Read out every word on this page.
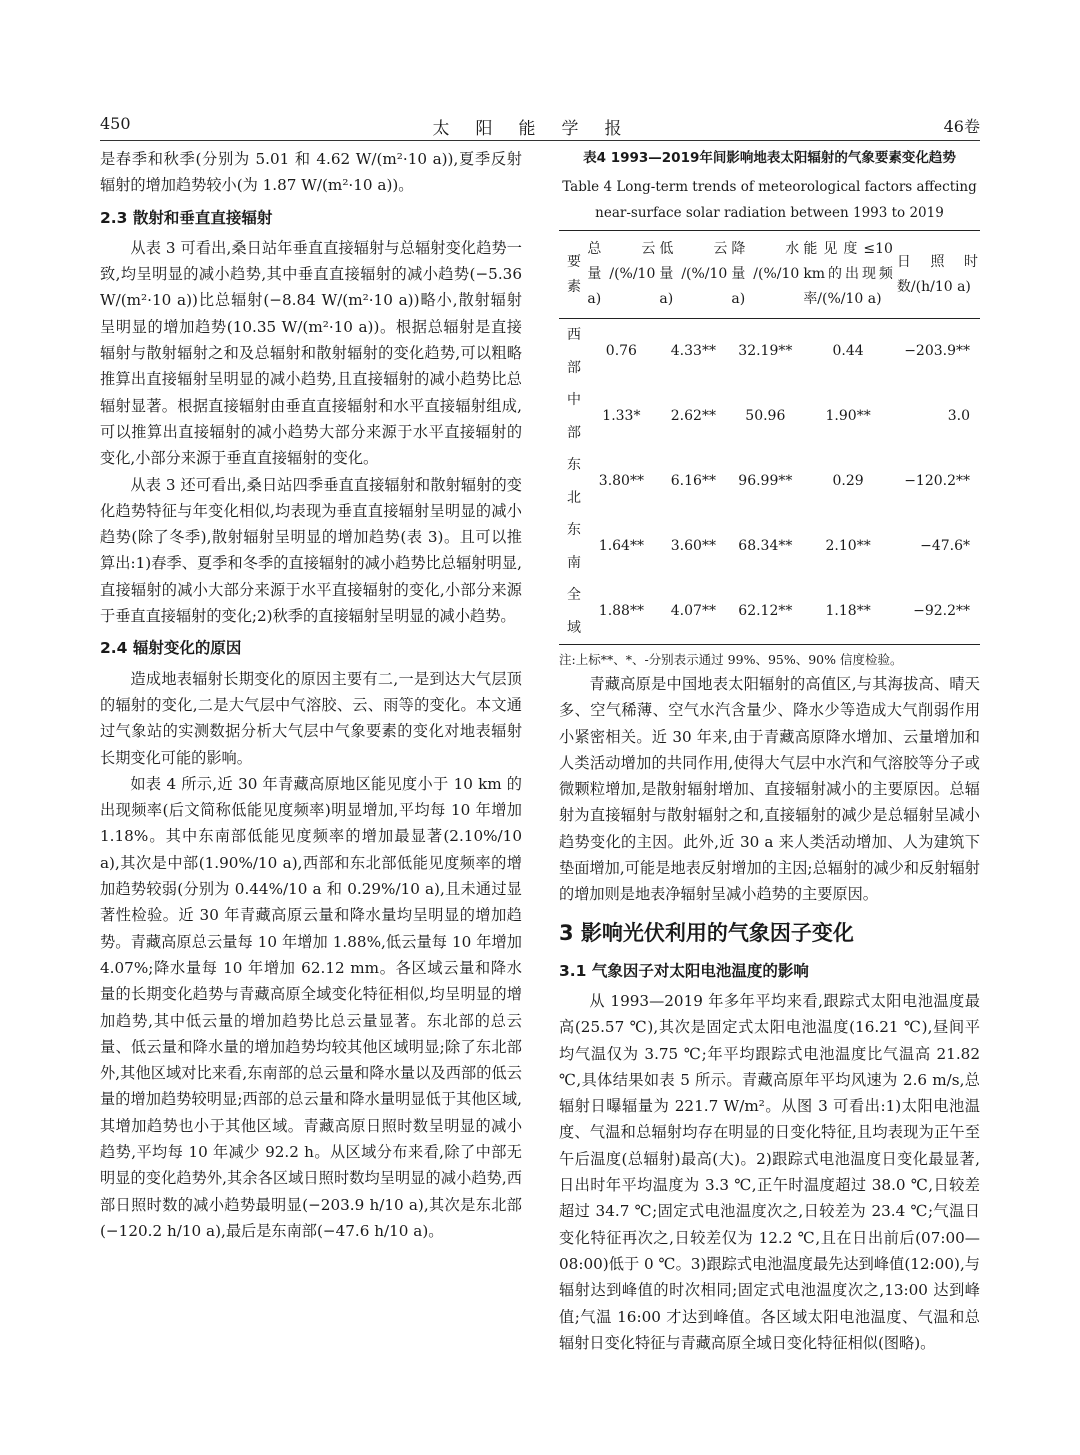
450	太阳能学报	46卷

是春季和秋季(分别为 5.01 和 4.62 W/(m²·10 a)),夏季反射辐射的增加趋势较小(为 1.87 W/(m²·10 a))。

2.3 散射和垂直直接辐射

从表 3 可看出,桑日站年垂直直接辐射与总辐射变化趋势一致,均呈明显的减小趋势,其中垂直直接辐射的减小趋势(−5.36 W/(m²·10 a))比总辐射(−8.84 W/(m²·10 a))略小,散射辐射呈明显的增加趋势(10.35 W/(m²·10 a))。根据总辐射是直接辐射与散射辐射之和及总辐射和散射辐射的变化趋势,可以粗略推算出直接辐射呈明显的减小趋势,且直接辐射的减小趋势比总辐射显著。根据直接辐射由垂直直接辐射和水平直接辐射组成,可以推算出直接辐射的减小趋势大部分来源于水平直接辐射的变化,小部分来源于垂直直接辐射的变化。

从表 3 还可看出,桑日站四季垂直直接辐射和散射辐射的变化趋势特征与年变化相似,均表现为垂直直接辐射呈明显的减小趋势(除了冬季),散射辐射呈明显的增加趋势(表 3)。且可以推算出:1)春季、夏季和冬季的直接辐射的减小趋势比总辐射明显,直接辐射的减小大部分来源于水平直接辐射的变化,小部分来源于垂直直接辐射的变化;2)秋季的直接辐射呈明显的减小趋势。

2.4 辐射变化的原因

造成地表辐射长期变化的原因主要有二,一是到达大气层顶的辐射的变化,二是大气层中气溶胶、云、雨等的变化。本文通过气象站的实测数据分析大气层中气象要素的变化对地表辐射长期变化可能的影响。

如表 4 所示,近 30 年青藏高原地区能见度小于 10 km 的出现频率(后文简称低能见度频率)明显增加,平均每 10 年增加 1.18%。其中东南部低能见度频率的增加最显著(2.10%/10 a),其次是中部(1.90%/10 a),西部和东北部低能见度频率的增加趋势较弱(分别为 0.44%/10 a 和 0.29%/10 a),且未通过显著性检验。近 30 年青藏高原云量和降水量均呈明显的增加趋势。青藏高原总云量每 10 年增加 1.88%,低云量每 10 年增加 4.07%;降水量每 10 年增加 62.12 mm。各区域云量和降水量的长期变化趋势与青藏高原全域变化特征相似,均呈明显的增加趋势,其中低云量的增加趋势比总云量显著。东北部的总云量、低云量和降水量的增加趋势均较其他区域明显;除了东北部外,其他区域对比来看,东南部的总云量和降水量以及西部的低云量的增加趋势较明显;西部的总云量和降水量明显低于其他区域,其增加趋势也小于其他区域。青藏高原日照时数呈明显的减小趋势,平均每 10 年减少 92.2 h。从区域分布来看,除了中部无明显的变化趋势外,其余各区域日照时数均呈明显的减小趋势,西部日照时数的减小趋势最明显(−203.9 h/10 a),其次是东北部(−120.2 h/10 a),最后是东南部(−47.6 h/10 a)。

表4 1993—2019年间影响地表太阳辐射的气象要素变化趋势
Table 4 Long-term trends of meteorological factors affecting near-surface solar radiation between 1993 to 2019
要素	总云量/(%/10 a)	低云量/(%/10 a)	降水量/(%/10 a)	能见度≤10 km的出现频率/(%/10 a)	日照时数/(h/10 a)
西部	0.76	4.33**	32.19**	0.44	−203.9**
中部	1.33*	2.62**	50.96	1.90**	3.0
东北	3.80**	6.16**	96.99**	0.29	−120.2**
东南	1.64**	3.60**	68.34**	2.10**	−47.6*
全域	1.88**	4.07**	62.12**	1.18**	−92.2**

注:上标**、*、-分别表示通过 99%、95%、90% 信度检验。

青藏高原是中国地表太阳辐射的高值区,与其海拔高、晴天多、空气稀薄、空气水汽含量少、降水少等造成大气削弱作用小紧密相关。近 30 年来,由于青藏高原降水增加、云量增加和人类活动增加的共同作用,使得大气层中水汽和气溶胶等分子或微颗粒增加,是散射辐射增加、直接辐射减小的主要原因。总辐射为直接辐射与散射辐射之和,直接辐射的减少是总辐射呈减小趋势变化的主因。此外,近 30 a 来人类活动增加、人为建筑下垫面增加,可能是地表反射增加的主因;总辐射的减少和反射辐射的增加则是地表净辐射呈减小趋势的主要原因。

3 影响光伏利用的气象因子变化

3.1 气象因子对太阳电池温度的影响

从 1993—2019 年多年平均来看,跟踪式太阳电池温度最高(25.57 ℃),其次是固定式太阳电池温度(16.21 ℃),昼间平均气温仅为 3.75 ℃;年平均跟踪式电池温度比气温高 21.82 ℃,具体结果如表 5 所示。青藏高原年平均风速为 2.6 m/s,总辐射日曝辐量为 221.7 W/m²。从图 3 可看出:1)太阳电池温度、气温和总辐射均存在明显的日变化特征,且均表现为正午至午后温度(总辐射)最高(大)。2)跟踪式电池温度日变化最显著,日出时年平均温度为 3.3 ℃,正午时温度超过 38.0 ℃,日较差超过 34.7 ℃;固定式电池温度次之,日较差为 23.4 ℃;气温日变化特征再次之,日较差仅为 12.2 ℃,且在日出前后(07:00—08:00)低于 0 ℃。3)跟踪式电池温度最先达到峰值(12:00),与辐射达到峰值的时次相同;固定式电池温度次之,13:00 达到峰值;气温 16:00 才达到峰值。各区域太阳电池温度、气温和总辐射日变化特征与青藏高原全域日变化特征相似(图略)。
